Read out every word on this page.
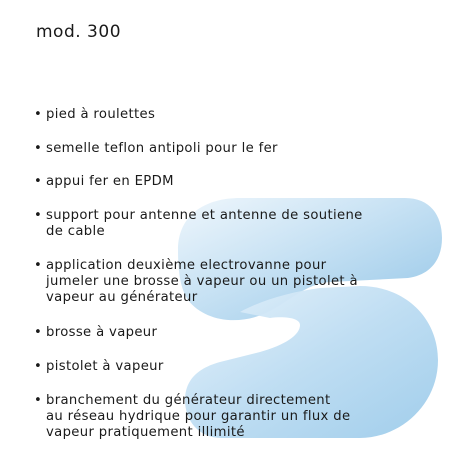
mod. 300
• pied à roulettes
• semelle teflon antipoli pour le fer
• appui fer en EPDM
• support pour antenne et antenne de soutiene
de cable
• application deuxième electrovanne pour
jumeler une brosse à vapeur ou un pistolet à
vapeur au générateur
• brosse à vapeur
• pistolet à vapeur
• branchement du générateur directement
au réseau hydrique pour garantir un flux de
vapeur pratiquement illimité
